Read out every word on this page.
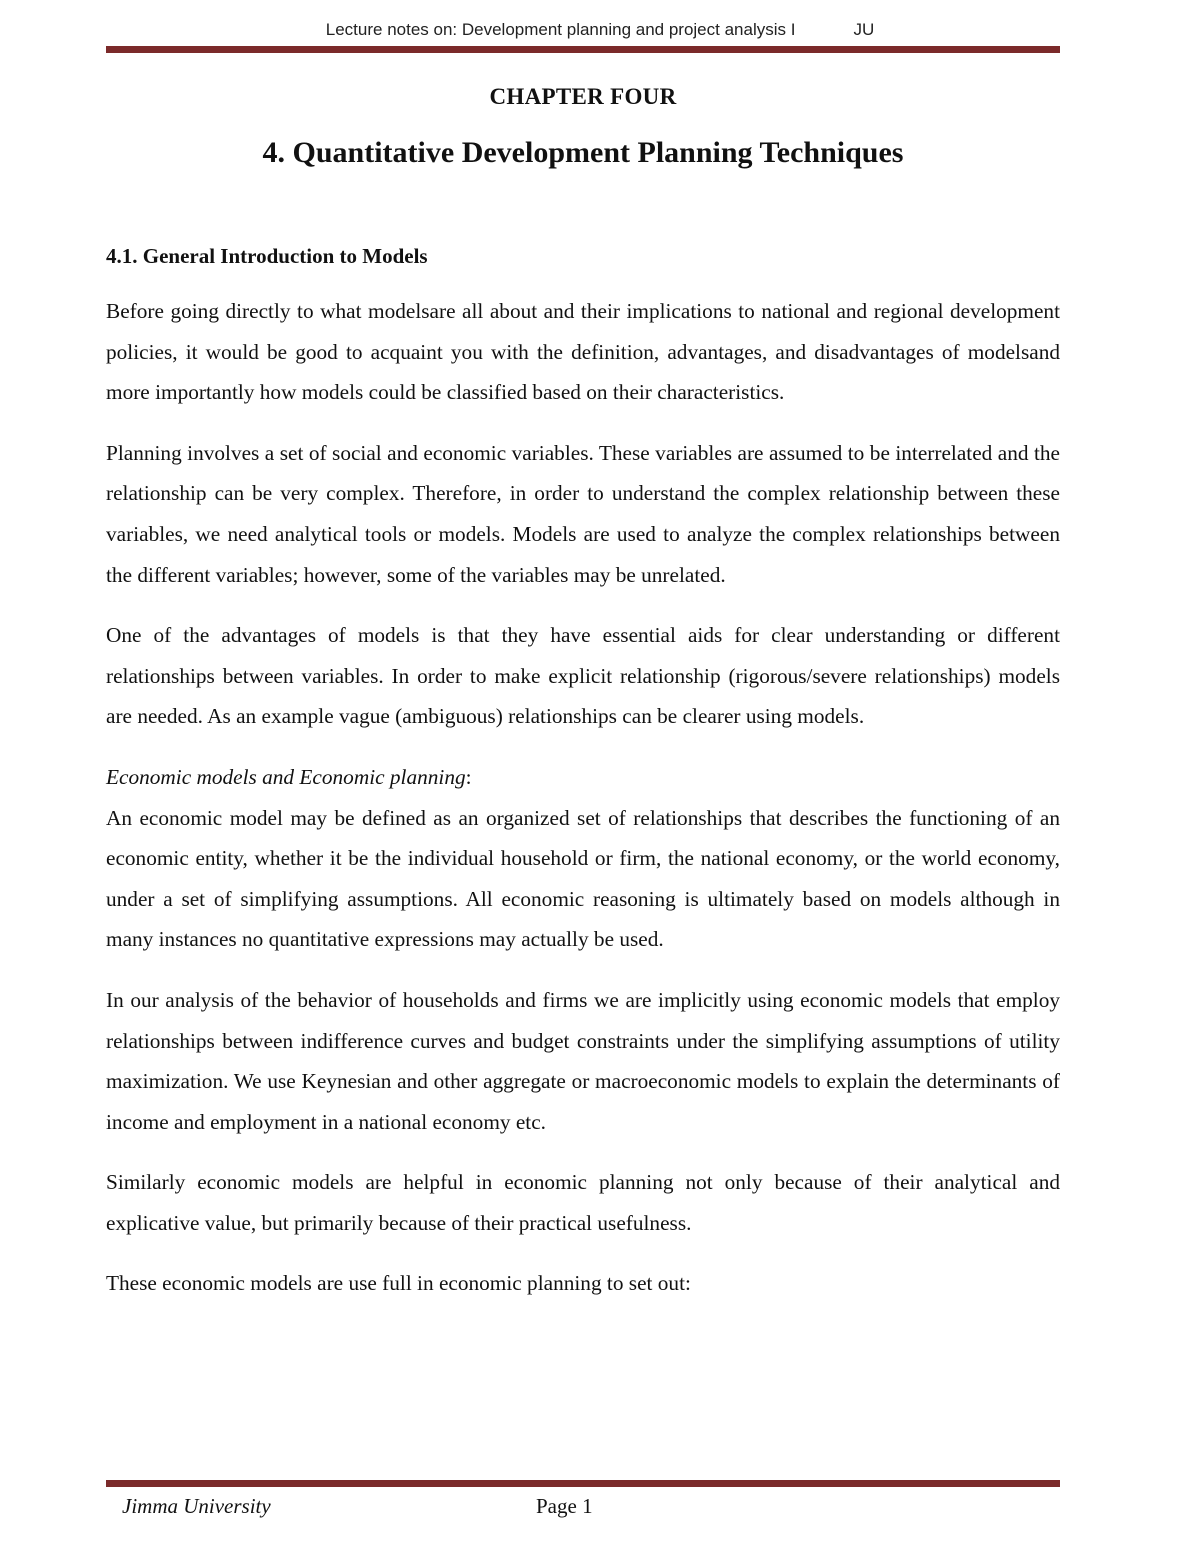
Lecture notes on: Development planning and project analysis I	JU
CHAPTER FOUR
4. Quantitative Development Planning Techniques
4.1. General Introduction to Models

Before going directly to what modelsare all about and their implications to national and regional development policies, it would be good to acquaint you with the definition, advantages, and disadvantages of modelsand more importantly how models could be classified based on their characteristics.

Planning involves a set of social and economic variables. These variables are assumed to be interrelated and the relationship can be very complex. Therefore, in order to understand the complex relationship between these variables, we need analytical tools or models. Models are used to analyze the complex relationships between the different variables; however, some of the variables may be unrelated.

One of the advantages of models is that they have essential aids for clear understanding or different relationships between variables. In order to make explicit relationship (rigorous/severe relationships) models are needed. As an example vague (ambiguous) relationships can be clearer using models.

Economic models and Economic planning:

An economic model may be defined as an organized set of relationships that describes the functioning of an economic entity, whether it be the individual household or firm, the national economy, or the world economy, under a set of simplifying assumptions. All economic reasoning is ultimately based on models although in many instances no quantitative expressions may actually be used.

In our analysis of the behavior of households and firms we are implicitly using economic models that employ relationships between indifference curves and budget constraints under the simplifying assumptions of utility maximization. We use Keynesian and other aggregate or macroeconomic models to explain the determinants of income and employment in a national economy etc.

Similarly economic models are helpful in economic planning not only because of their analytical and explicative value, but primarily because of their practical usefulness.

These economic models are use full in economic planning to set out:

Jimma University	Page 1
